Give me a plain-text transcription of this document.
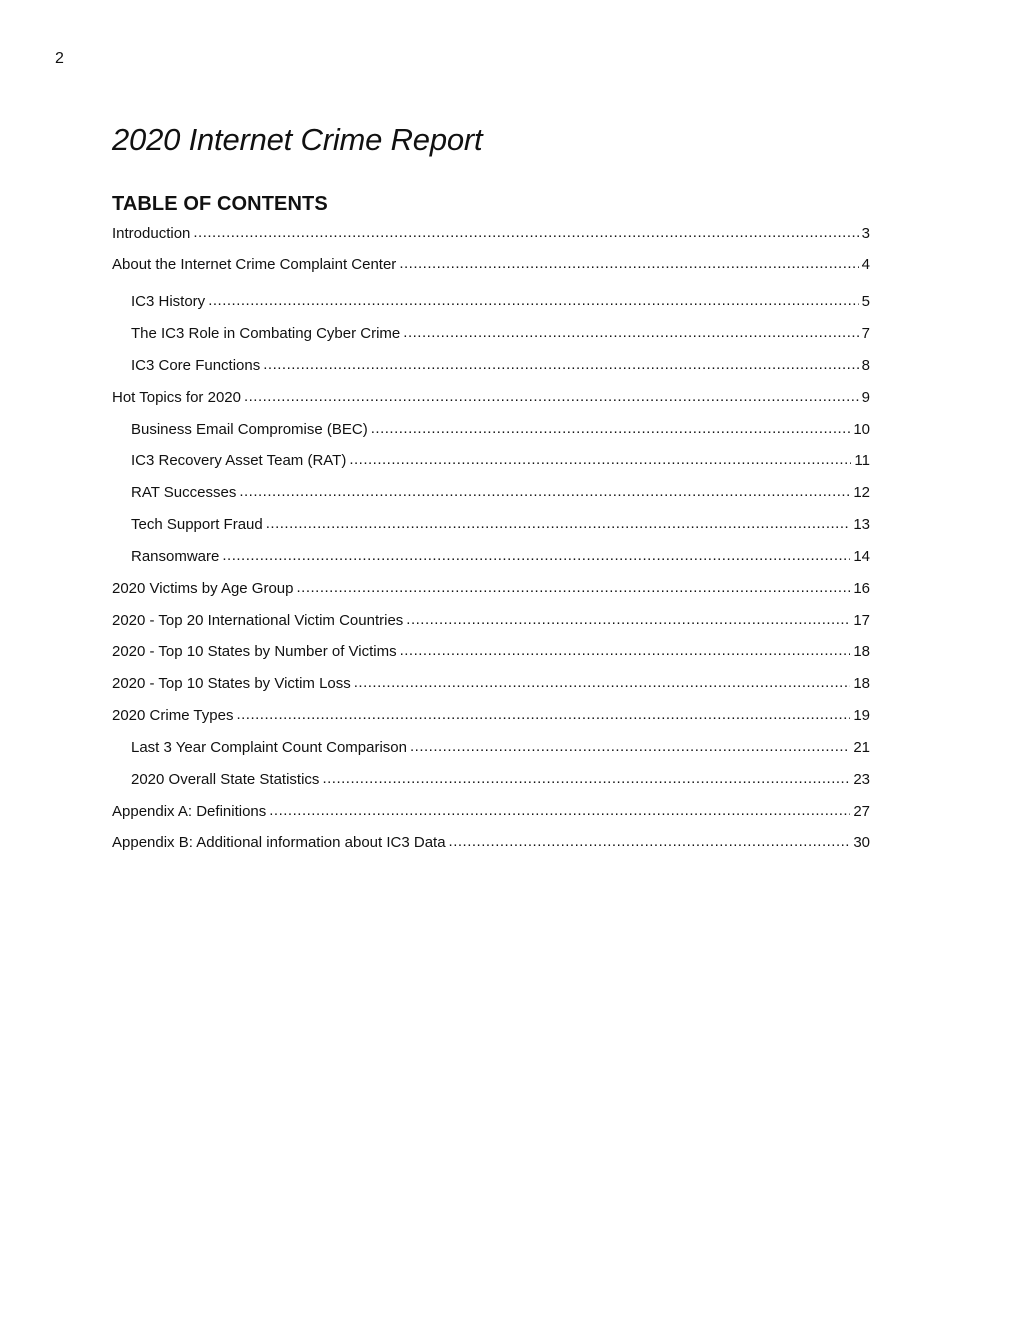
2
2020 Internet Crime Report
TABLE OF CONTENTS
Introduction .....	3
About the Internet Crime Complaint Center .....	4
IC3 History .....	5
The IC3 Role in Combating Cyber Crime .....	7
IC3 Core Functions .....	8
Hot Topics for 2020 .....	9
Business Email Compromise (BEC) .....	10
IC3 Recovery Asset Team (RAT) .....	11
RAT Successes .....	12
Tech Support Fraud .....	13
Ransomware .....	14
2020 Victims by Age Group .....	16
2020 - Top 20 International Victim Countries .....	17
2020 - Top 10 States by Number of Victims .....	18
2020 - Top 10 States by Victim Loss .....	18
2020 Crime Types .....	19
Last 3 Year Complaint Count Comparison .....	21
2020 Overall State Statistics .....	23
Appendix A: Definitions .....	27
Appendix B: Additional information about IC3 Data .....	30
